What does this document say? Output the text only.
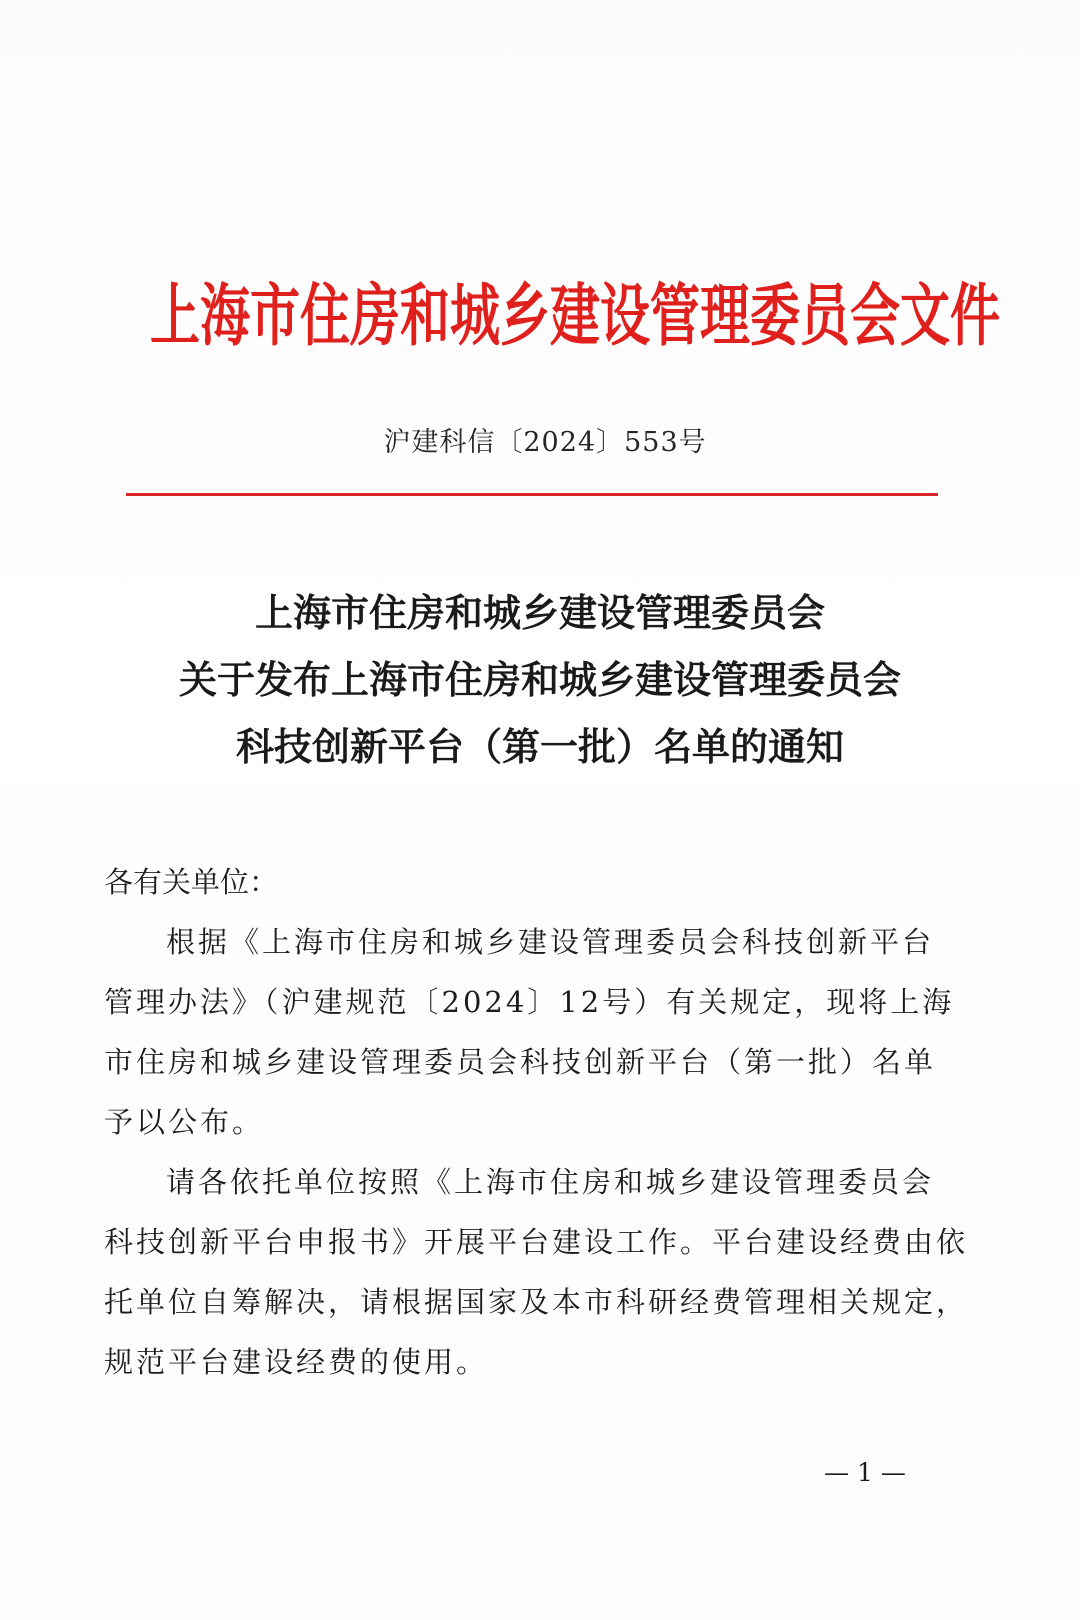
上海市住房和城乡建设管理委员会文件
沪建科信〔2024〕553号
上海市住房和城乡建设管理委员会
关于发布上海市住房和城乡建设管理委员会
科技创新平台（第一批）名单的通知

各有关单位：

根据《上海市住房和城乡建设管理委员会科技创新平台

管理办法》（沪建规范〔2024〕12号）有关规定，现将上海

市住房和城乡建设管理委员会科技创新平台（第一批）名单

予以公布。

请各依托单位按照《上海市住房和城乡建设管理委员会

科技创新平台申报书》开展平台建设工作。平台建设经费由依

托单位自筹解决，请根据国家及本市科研经费管理相关规定，

规范平台建设经费的使用。

— 1 —
